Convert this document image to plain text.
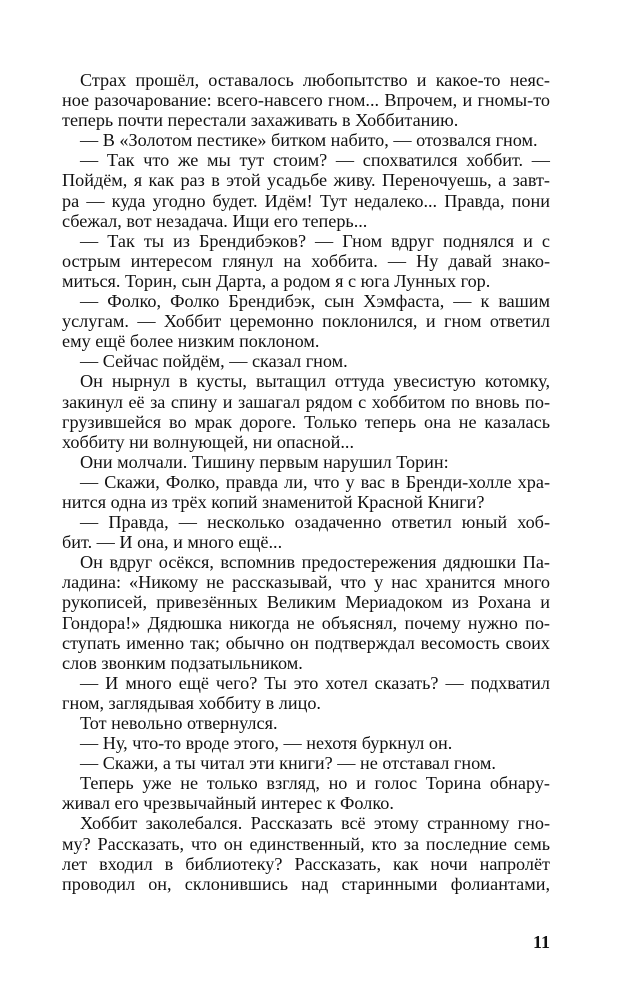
Страх прошёл, оставалось любопытство и какое-то неяс-
ное разочарование: всего-навсего гном... Впрочем, и гномы-то
теперь почти перестали захаживать в Хоббитанию.
— В «Золотом пестике» битком набито, — отозвался гном.
— Так что же мы тут стоим? — спохватился хоббит. —
Пойдём, я как раз в этой усадьбе живу. Переночуешь, а завт-
ра — куда угодно будет. Идём! Тут недалеко... Правда, пони
сбежал, вот незадача. Ищи его теперь...
— Так ты из Брендибэков? — Гном вдруг поднялся и с
острым интересом глянул на хоббита. — Ну давай знако-
миться. Торин, сын Дарта, а родом я с юга Лунных гор.
— Фолко, Фолко Брендибэк, сын Хэмфаста, — к вашим
услугам. — Хоббит церемонно поклонился, и гном ответил
ему ещё более низким поклоном.
— Сейчас пойдём, — сказал гном.
Он нырнул в кусты, вытащил оттуда увесистую котомку,
закинул её за спину и зашагал рядом с хоббитом по вновь по-
грузившейся во мрак дороге. Только теперь она не казалась
хоббиту ни волнующей, ни опасной...
Они молчали. Тишину первым нарушил Торин:
— Скажи, Фолко, правда ли, что у вас в Бренди-холле хра-
нится одна из трёх копий знаменитой Красной Книги?
— Правда, — несколько озадаченно ответил юный хоб-
бит. — И она, и много ещё...
Он вдруг осёкся, вспомнив предостережения дядюшки Па-
ладина: «Никому не рассказывай, что у нас хранится много
рукописей, привезённых Великим Мериадоком из Рохана и
Гондора!» Дядюшка никогда не объяснял, почему нужно по-
ступать именно так; обычно он подтверждал весомость своих
слов звонким подзатыльником.
— И много ещё чего? Ты это хотел сказать? — подхватил
гном, заглядывая хоббиту в лицо.
Тот невольно отвернулся.
— Ну, что-то вроде этого, — нехотя буркнул он.
— Скажи, а ты читал эти книги? — не отставал гном.
Теперь уже не только взгляд, но и голос Торина обнару-
живал его чрезвычайный интерес к Фолко.
Хоббит заколебался. Рассказать всё этому странному гно-
му? Рассказать, что он единственный, кто за последние семь
лет входил в библиотеку? Рассказать, как ночи напролёт
проводил он, склонившись над старинными фолиантами,
11
